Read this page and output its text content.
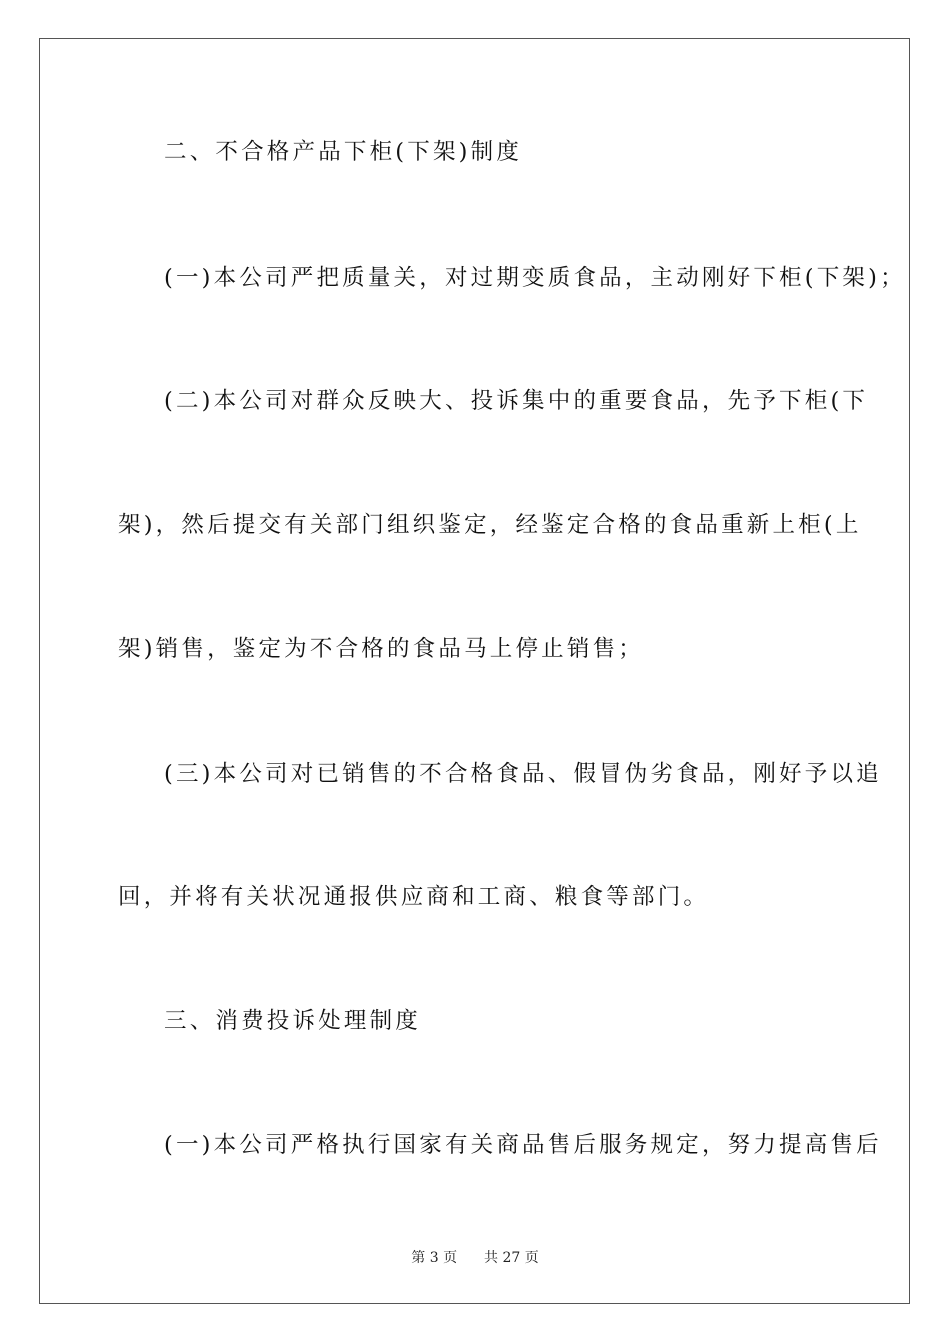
二、不合格产品下柜(下架)制度
(一)本公司严把质量关，对过期变质食品，主动刚好下柜(下架)；
(二)本公司对群众反映大、投诉集中的重要食品，先予下柜(下
架)，然后提交有关部门组织鉴定，经鉴定合格的食品重新上柜(上
架)销售，鉴定为不合格的食品马上停止销售；
(三)本公司对已销售的不合格食品、假冒伪劣食品，刚好予以追
回，并将有关状况通报供应商和工商、粮食等部门。
三、消费投诉处理制度
(一)本公司严格执行国家有关商品售后服务规定，努力提高售后
第 3 页 共 27 页
